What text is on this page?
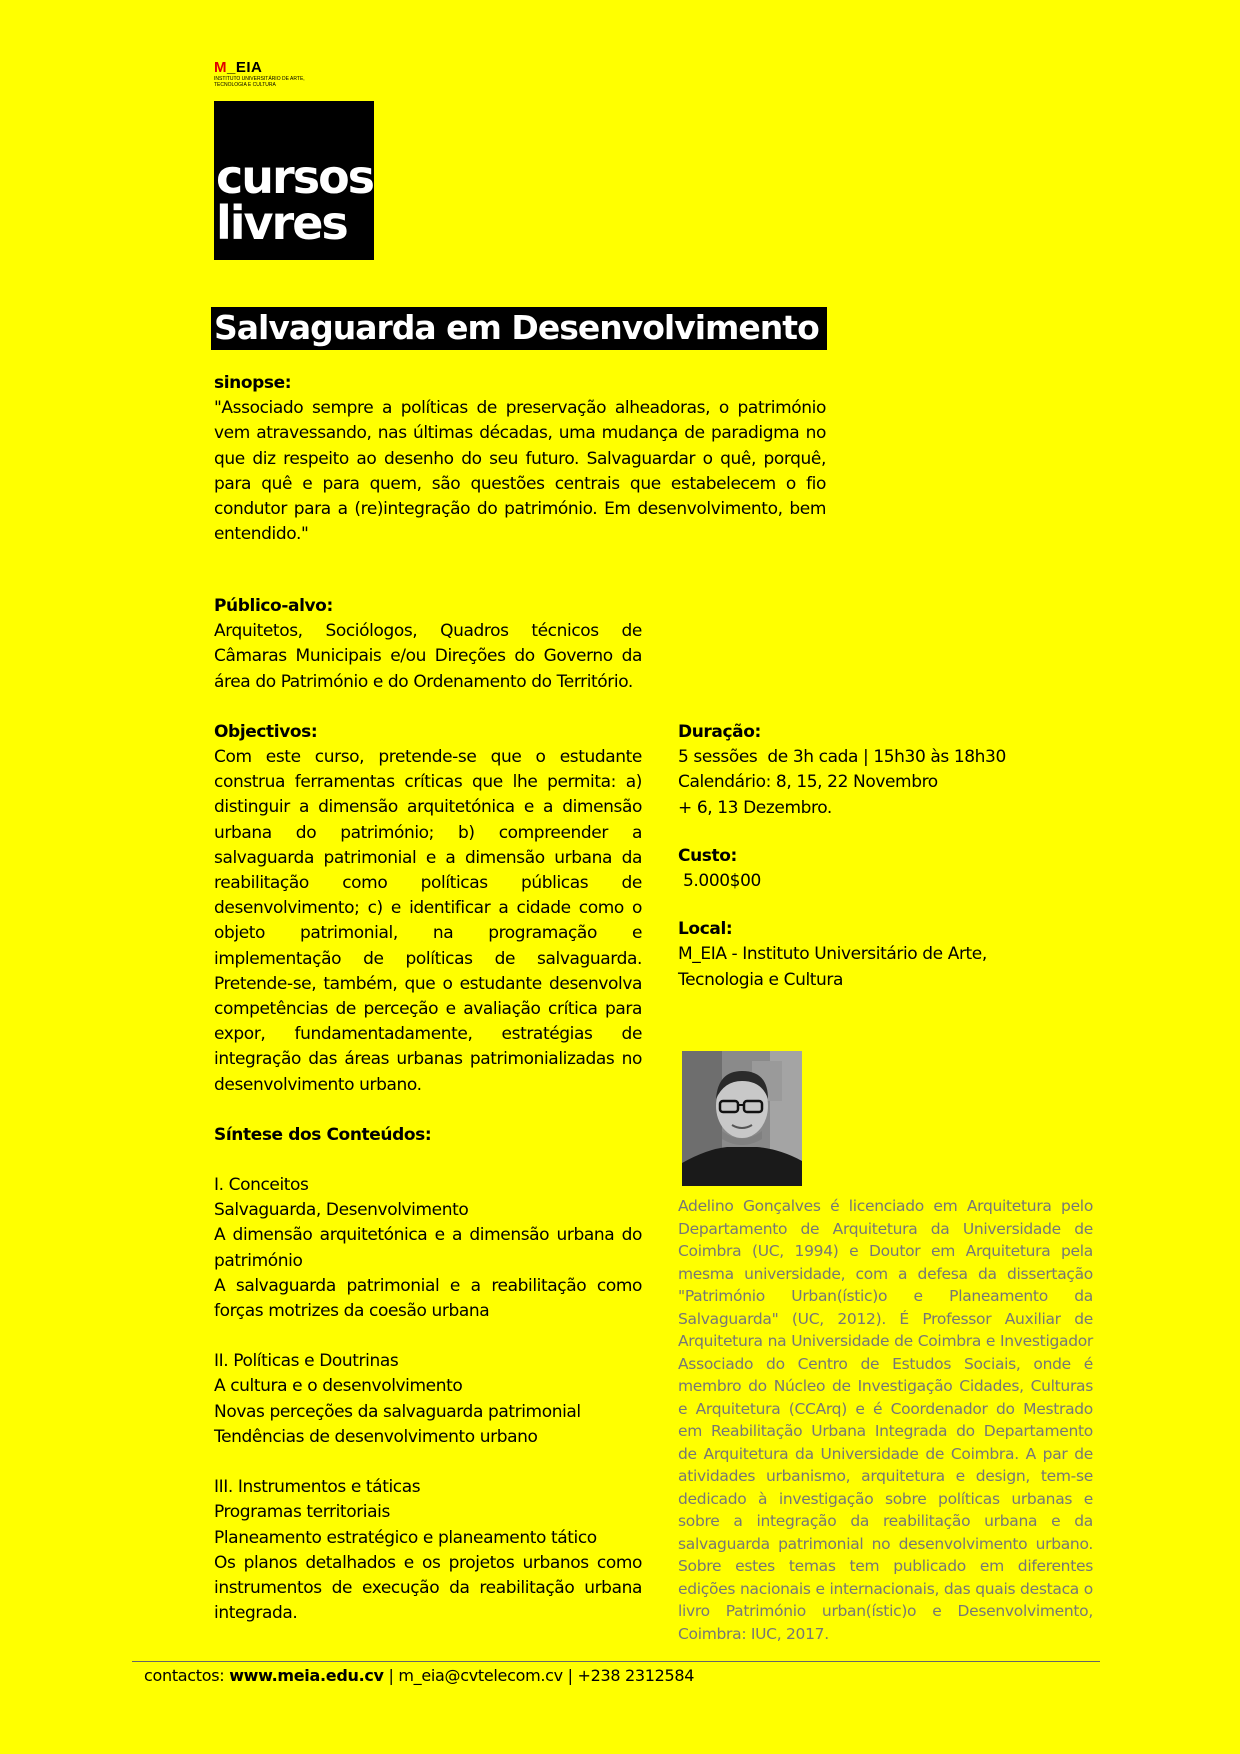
M_EIA
INSTITUTO UNIVERSITÁRIO DE ARTE, TECNOLOGIA E CULTURA
cursos
livres
Salvaguarda em Desenvolvimento
sinopse:
"Associado sempre a políticas de preservação alheadoras, o património vem atravessando, nas últimas décadas, uma mudança de paradigma no que diz respeito ao desenho do seu futuro. Salvaguardar o quê, porquê, para quê e para quem, são questões centrais que estabelecem o fio condutor para a (re)integração do património. Em desenvolvimento, bem entendido."
Público-alvo:
Arquitetos, Sociólogos, Quadros técnicos de Câmaras Municipais e/ou Direções do Governo da área do Património e do Ordenamento do Território.
Objectivos:
Com este curso, pretende-se que o estudante construa ferramentas críticas que lhe permita: a) distinguir a dimensão arquitetónica e a dimensão urbana do património; b) compreender a salvaguarda patrimonial e a dimensão urbana da reabilitação como políticas públicas de desenvolvimento; c) e identificar a cidade como o objeto patrimonial, na programação e implementação de políticas de salvaguarda. Pretende-se, também, que o estudante desenvolva competências de perceção e avaliação crítica para expor, fundamentadamente, estratégias de integração das áreas urbanas patrimonializadas no desenvolvimento urbano.
Síntese dos Conteúdos:
I. Conceitos
Salvaguarda, Desenvolvimento
A dimensão arquitetónica e a dimensão urbana do património
A salvaguarda patrimonial e a reabilitação como forças motrizes da coesão urbana
II. Políticas e Doutrinas
A cultura e o desenvolvimento
Novas perceções da salvaguarda patrimonial
Tendências de desenvolvimento urbano
III. Instrumentos e táticas
Programas territoriais
Planeamento estratégico e planeamento tático
Os planos detalhados e os projetos urbanos como instrumentos de execução da reabilitação urbana integrada.
Duração:
5 sessões  de 3h cada | 15h30 às 18h30
Calendário: 8, 15, 22 Novembro
+ 6, 13 Dezembro.
Custo:
5.000$00
Local:
M_EIA - Instituto Universitário de Arte,
Tecnologia e Cultura
Adelino Gonçalves é licenciado em Arquitetura pelo Departamento de Arquitetura da Universidade de Coimbra (UC, 1994) e Doutor em Arquitetura pela mesma universidade, com a defesa da dissertação "Património Urban(ístic)o e Planeamento da Salvaguarda" (UC, 2012). É Professor Auxiliar de Arquitetura na Universidade de Coimbra e Investigador Associado do Centro de Estudos Sociais, onde é membro do Núcleo de Investigação Cidades, Culturas e Arquitetura (CCArq) e é Coordenador do Mestrado em Reabilitação Urbana Integrada do Departamento de Arquitetura da Universidade de Coimbra. A par de atividades urbanismo, arquitetura e design, tem-se dedicado à investigação sobre políticas urbanas e sobre a integração da reabilitação urbana e da salvaguarda patrimonial no desenvolvimento urbano. Sobre estes temas tem publicado em diferentes edições nacionais e internacionais, das quais destaca o livro Património urban(ístic)o e Desenvolvimento, Coimbra: IUC, 2017.
contactos: www.meia.edu.cv | m_eia@cvtelecom.cv | +238 2312584
